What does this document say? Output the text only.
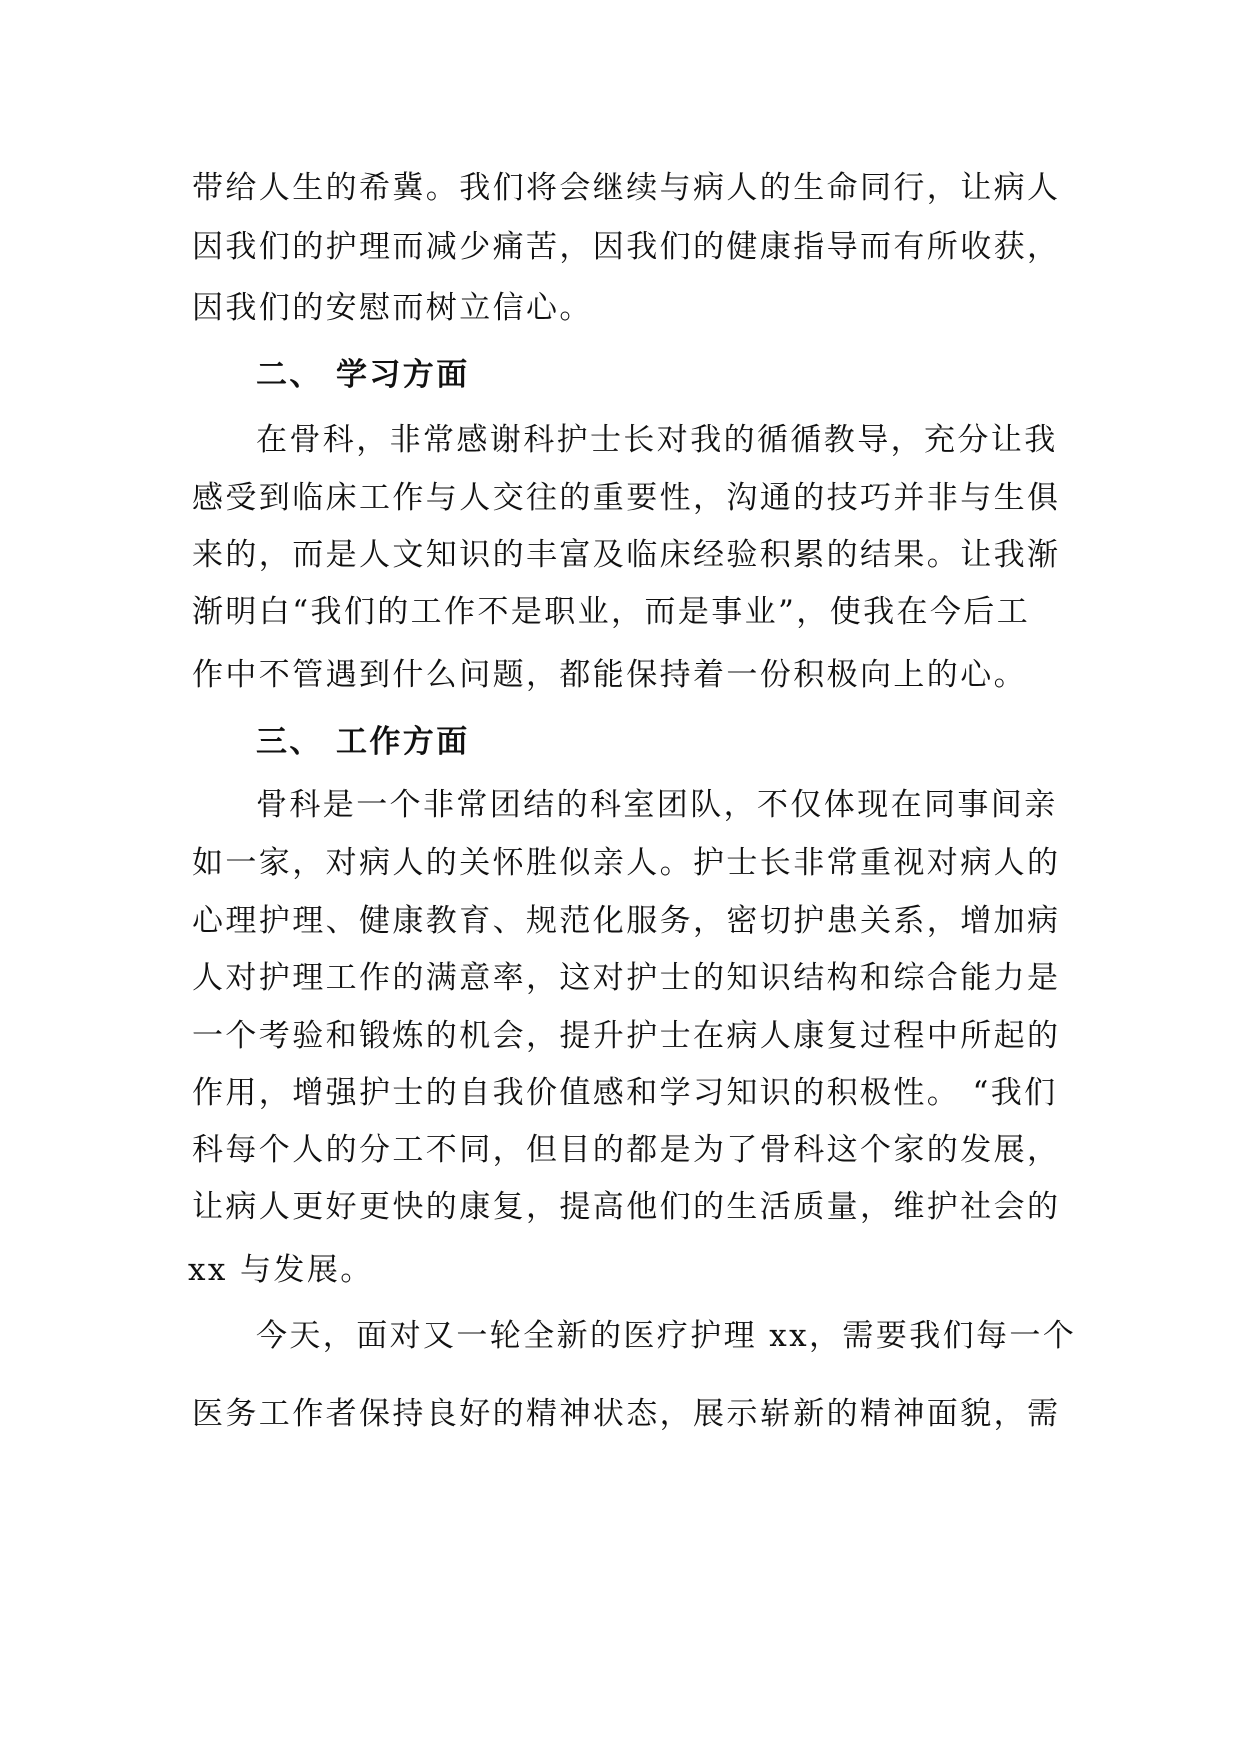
带给人生的希冀。我们将会继续与病人的生命同行，让病人
因我们的护理而减少痛苦，因我们的健康指导而有所收获，
因我们的安慰而树立信心。
二、 学习方面
在骨科，非常感谢科护士长对我的循循教导，充分让我
感受到临床工作与人交往的重要性，沟通的技巧并非与生俱
来的，而是人文知识的丰富及临床经验积累的结果。让我渐
渐明白“我们的工作不是职业，而是事业”，使我在今后工
作中不管遇到什么问题，都能保持着一份积极向上的心。
三、 工作方面
骨科是一个非常团结的科室团队，不仅体现在同事间亲
如一家，对病人的关怀胜似亲人。护士长非常重视对病人的
心理护理、健康教育、规范化服务，密切护患关系，增加病
人对护理工作的满意率，这对护士的知识结构和综合能力是
一个考验和锻炼的机会，提升护士在病人康复过程中所起的
作用，增强护士的自我价值感和学习知识的积极性。 “我们
科每个人的分工不同，但目的都是为了骨科这个家的发展，
让病人更好更快的康复，提高他们的生活质量，维护社会的
xx 与发展。
今天，面对又一轮全新的医疗护理 xx，需要我们每一个
医务工作者保持良好的精神状态，展示崭新的精神面貌，需
